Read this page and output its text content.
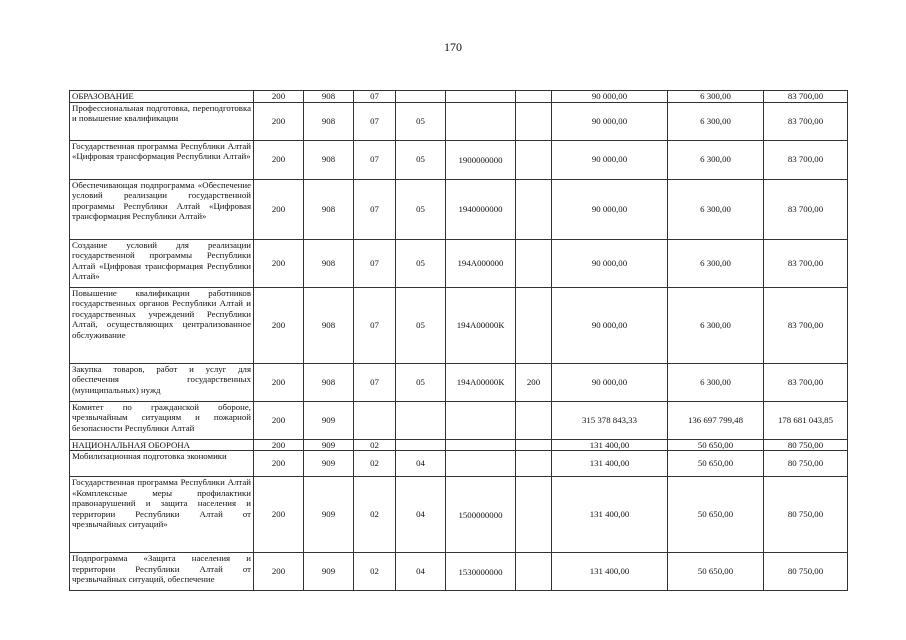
170
ОБРАЗОВАНИЕ	200	908	07				90 000,00	6 300,00	83 700,00
Профессиональная подготовка, переподготовка и повышение квалификации	200	908	07	05			90 000,00	6 300,00	83 700,00
Государственная программа Республики Алтай «Цифровая трансформация Республики Алтай»	200	908	07	05	1900000000		90 000,00	6 300,00	83 700,00
Обеспечивающая подпрограмма «Обеспечение условий реализации государственной программы Республики Алтай «Цифровая трансформация Республики Алтай»	200	908	07	05	1940000000		90 000,00	6 300,00	83 700,00
Создание условий для реализации государственной программы Республики Алтай «Цифровая трансформация Республики Алтай»	200	908	07	05	194А000000		90 000,00	6 300,00	83 700,00
Повышение квалификации работников государственных органов Республики Алтай и государственных учреждений Республики Алтай, осуществляющих централизованное обслуживание	200	908	07	05	194А00000К		90 000,00	6 300,00	83 700,00
Закупка товаров, работ и услуг для обеспечения государственных (муниципальных) нужд	200	908	07	05	194А00000К	200	90 000,00	6 300,00	83 700,00
Комитет по гражданской обороне, чрезвычайным ситуациям и пожарной безопасности Республики Алтай	200	909					315 378 843,33	136 697 799,48	178 681 043,85
НАЦИОНАЛЬНАЯ ОБОРОНА	200	909	02				131 400,00	50 650,00	80 750,00
Мобилизационная подготовка экономики	200	909	02	04			131 400,00	50 650,00	80 750,00
Государственная программа Республики Алтай «Комплексные меры профилактики правонарушений и защита населения и территории Республики Алтай от чрезвычайных ситуаций»	200	909	02	04	1500000000		131 400,00	50 650,00	80 750,00
Подпрограмма «Защита населения и территории Республики Алтай от чрезвычайных ситуаций, обеспечение	200	909	02	04	1530000000		131 400,00	50 650,00	80 750,00
